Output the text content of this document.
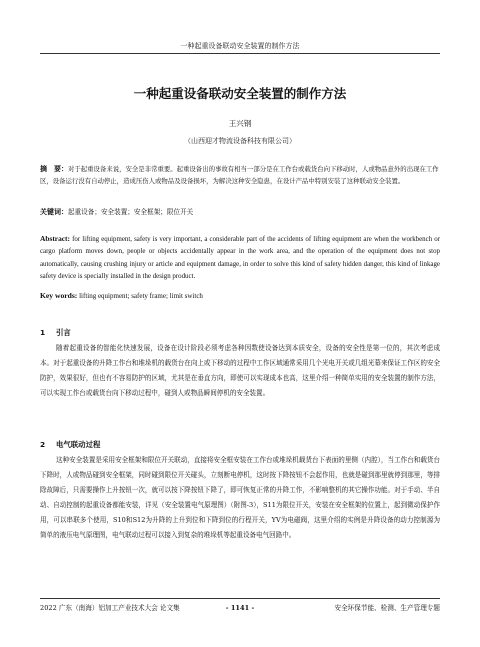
一种起重设备联动安全装置的制作方法
一种起重设备联动安全装置的制作方法
王兴钢
（山西迎才物流设备科技有限公司）
摘　要：对于起重设备来说，安全是非常重要。起重设备出的事故有相当一部分是在工作台或载货台向下移动时，人或物品意外的出现在工作区，设备运行没有自动停止，造成压伤人或物品及设备损坏，为解决这种安全隐患，在设计产品中特别安装了这种联动安全装置。
关键词：起重设备；安全装置；安全框架；限位开关
Abstract: for lifting equipment, safety is very important, a considerable part of the accidents of lifting equipment are when the workbench or cargo platform moves down, people or objects accidentally appear in the work area, and the operation of the equipment does not stop automatically, causing crushing injury or article and equipment damage, in order to solve this kind of safety hidden danger, this kind of linkage safety device is specially installed in the design product.
Key words: lifting equipment; safety frame; limit switch
1 引言
随着起重设备的智能化快速发展，设备在设计阶段必须考虑各种因数使设备达到本质安全，设备的安全性是第一位的，其次考虑成本。对于起重设备的升降工作台和堆垛机的载货台在向上或下移动的过程中工作区域通常采用几个光电开关或几组光幕来保证工作区的安全防护，效果很好，但也有不容易防护的区域，尤其是在垂直方向，即使可以实现成本也高，这里介绍一种简单实用的安全装置的制作方法，可以实现工作台或载货台向下移动过程中，碰到人或物品瞬间停机的安全装置。
2 电气联动过程
这种安全装置是采用安全框架和限位开关联动，直接将安全框安装在工作台或堆垛机载货台下表面的里侧（内腔），当工作台和载货台下降时，人或物品碰到安全框架，同时碰到限位开关碰头，立刻断电停机，这时按下降按钮不会起作用，也就是碰到那里就停到那里，等排除故障后，只需要操作上升按钮一次，就可以按下降按钮下降了，即可恢复正常的升降工作，不影响整机的其它操作功能。对于手动、半自动、自动控制的起重设备都能安装，详见（安全装置电气原理图）（附图-3），S11为限位开关，安装在安全框架的位置上，起到微动保护作用，可以串联多个使用，S10和S12为升降的上升到位和下降到位的行程开关，YV为电磁阀，这里介绍的实例是升降设备的动力控制源为简单的液压电气原理图，电气联动过程可以接入到复杂的堆垛机等起重设备电气回路中。
2022 广东（南海）铝加工产业技术大会 论文集	- 1141 -	安全环保节能、检测、生产管理专题
